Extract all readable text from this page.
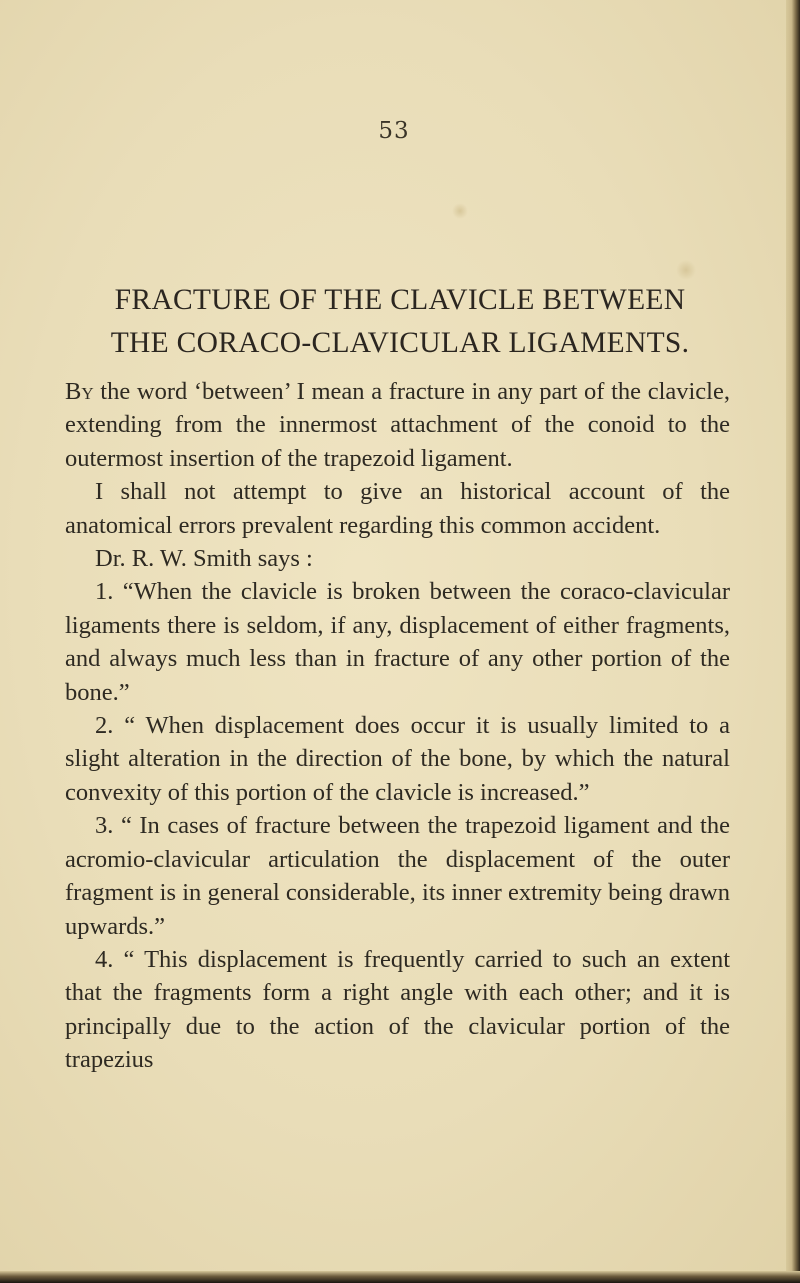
53
FRACTURE OF THE CLAVICLE BETWEEN
THE CORACO-CLAVICULAR LIGAMENTS.

By the word ‘between’ I mean a fracture in any part of the clavicle, extending from the innermost attachment of the conoid to the outermost insertion of the trapezoid ligament.

I shall not attempt to give an historical account of the anatomical errors prevalent regarding this common accident.

Dr. R. W. Smith says :

1. “When the clavicle is broken between the coraco-clavicular ligaments there is seldom, if any, displacement of either fragments, and always much less than in fracture of any other portion of the bone.”

2. “ When displacement does occur it is usually limited to a slight alteration in the direction of the bone, by which the natural convexity of this portion of the clavicle is increased.”

3. “ In cases of fracture between the trapezoid ligament and the acromio-clavicular articulation the displacement of the outer fragment is in general considerable, its inner extremity being drawn upwards.”

4. “ This displacement is frequently carried to such an extent that the fragments form a right angle with each other; and it is principally due to the action of the clavicular portion of the trapezius
